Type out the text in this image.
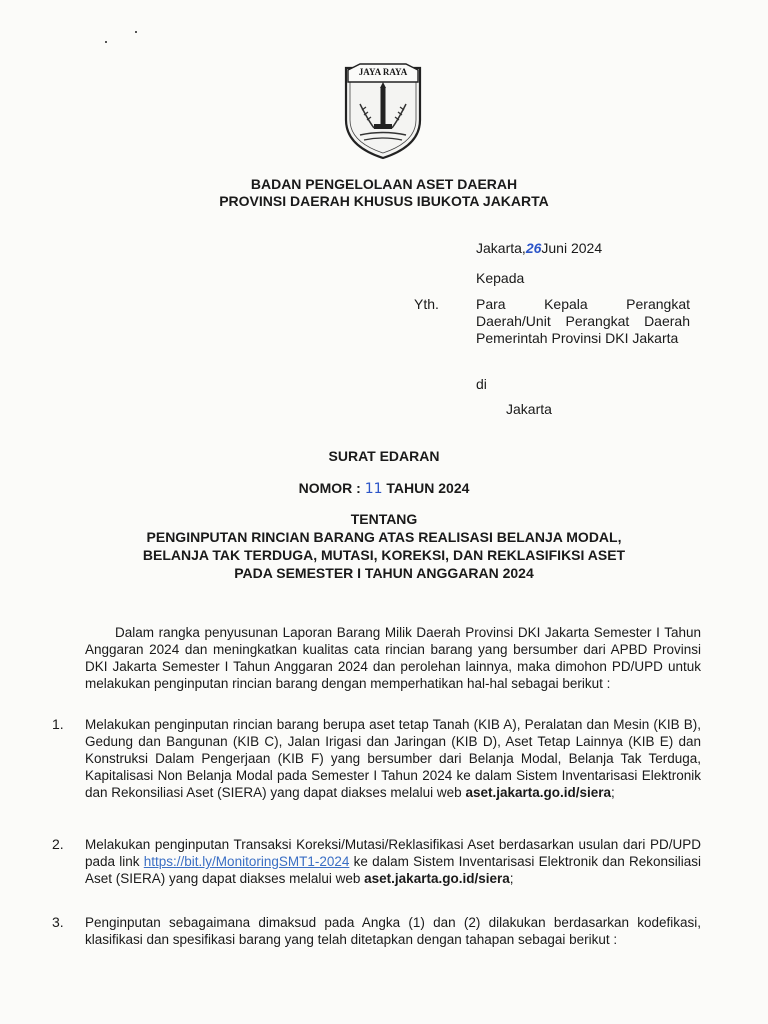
JAYA RAYA
BADAN PENGELOLAAN ASET DAERAH
PROVINSI DAERAH KHUSUS IBUKOTA JAKARTA
Jakarta,26Juni 2024
Kepada
Yth.	Para Kepala Perangkat Daerah/Unit Perangkat Daerah Pemerintah Provinsi DKI Jakarta
di
Jakarta
SURAT EDARAN
NOMOR : 11 TAHUN 2024
TENTANG
PENGINPUTAN RINCIAN BARANG ATAS REALISASI BELANJA MODAL,
BELANJA TAK TERDUGA, MUTASI, KOREKSI, DAN REKLASIFIKSI ASET
PADA SEMESTER I TAHUN ANGGARAN 2024
Dalam rangka penyusunan Laporan Barang Milik Daerah Provinsi DKI Jakarta Semester I Tahun Anggaran 2024 dan meningkatkan kualitas cata rincian barang yang bersumber dari APBD Provinsi DKI Jakarta Semester I Tahun Anggaran 2024 dan perolehan lainnya, maka dimohon PD/UPD untuk melakukan penginputan rincian barang dengan memperhatikan hal-hal sebagai berikut :
1. Melakukan penginputan rincian barang berupa aset tetap Tanah (KIB A), Peralatan dan Mesin (KIB B), Gedung dan Bangunan (KIB C), Jalan Irigasi dan Jaringan (KIB D), Aset Tetap Lainnya (KIB E) dan Konstruksi Dalam Pengerjaan (KIB F) yang bersumber dari Belanja Modal, Belanja Tak Terduga, Kapitalisasi Non Belanja Modal pada Semester I Tahun 2024 ke dalam Sistem Inventarisasi Elektronik dan Rekonsiliasi Aset (SIERA) yang dapat diakses melalui web aset.jakarta.go.id/siera;
2. Melakukan penginputan Transaksi Koreksi/Mutasi/Reklasifikasi Aset berdasarkan usulan dari PD/UPD pada link https://bit.ly/MonitoringSMT1-2024 ke dalam Sistem Inventarisasi Elektronik dan Rekonsiliasi Aset (SIERA) yang dapat diakses melalui web aset.jakarta.go.id/siera;
3. Penginputan sebagaimana dimaksud pada Angka (1) dan (2) dilakukan berdasarkan kodefikasi, klasifikasi dan spesifikasi barang yang telah ditetapkan dengan tahapan sebagai berikut :
